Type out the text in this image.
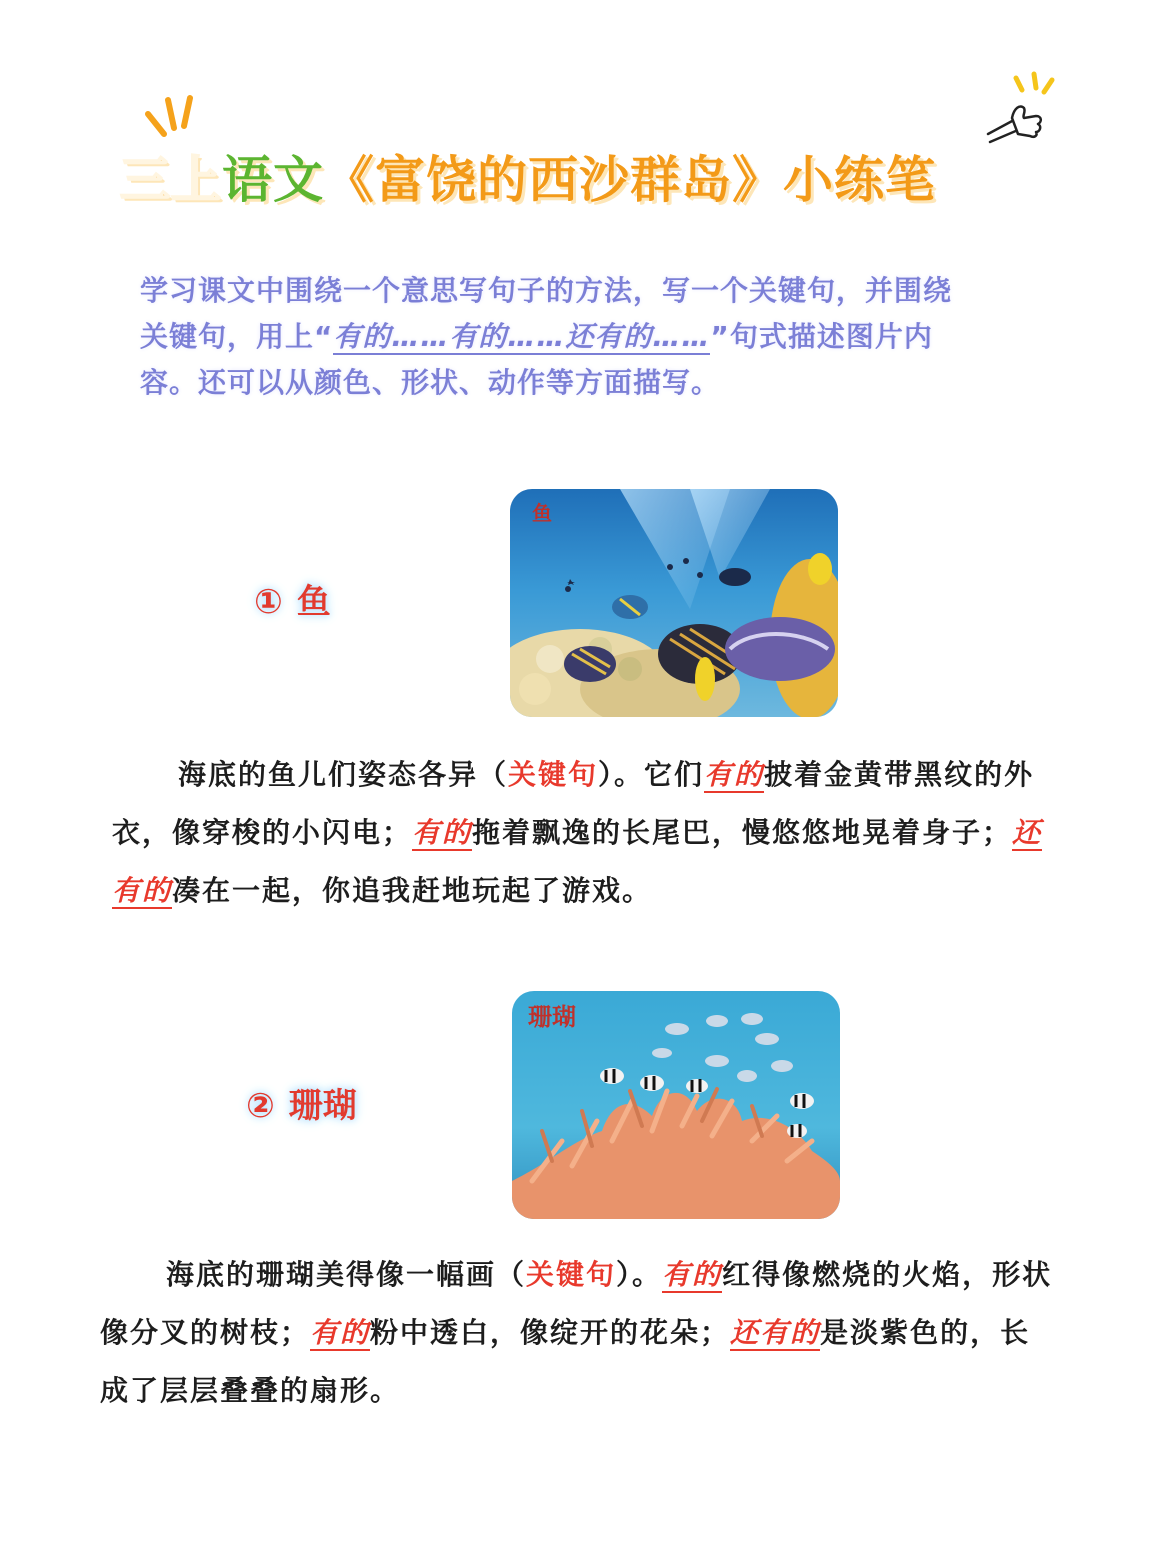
三上语文《富饶的西沙群岛》小练笔
学习课文中围绕一个意思写句子的方法，写一个关键句，并围绕
关键句，用上“有的……有的……还有的……”句式描述图片内
容。还可以从颜色、形状、动作等方面描写。
① 鱼
鱼
海底的鱼儿们姿态各异（关键句）。它们有的披着金黄带黑纹的外衣，像穿梭的小闪电；有的拖着飘逸的长尾巴，慢悠悠地晃着身子；还有的凑在一起，你追我赶地玩起了游戏。
② 珊瑚
珊瑚
海底的珊瑚美得像一幅画（关键句）。有的红得像燃烧的火焰，形状像分叉的树枝；有的粉中透白，像绽开的花朵；还有的是淡紫色的，长成了层层叠叠的扇形。
